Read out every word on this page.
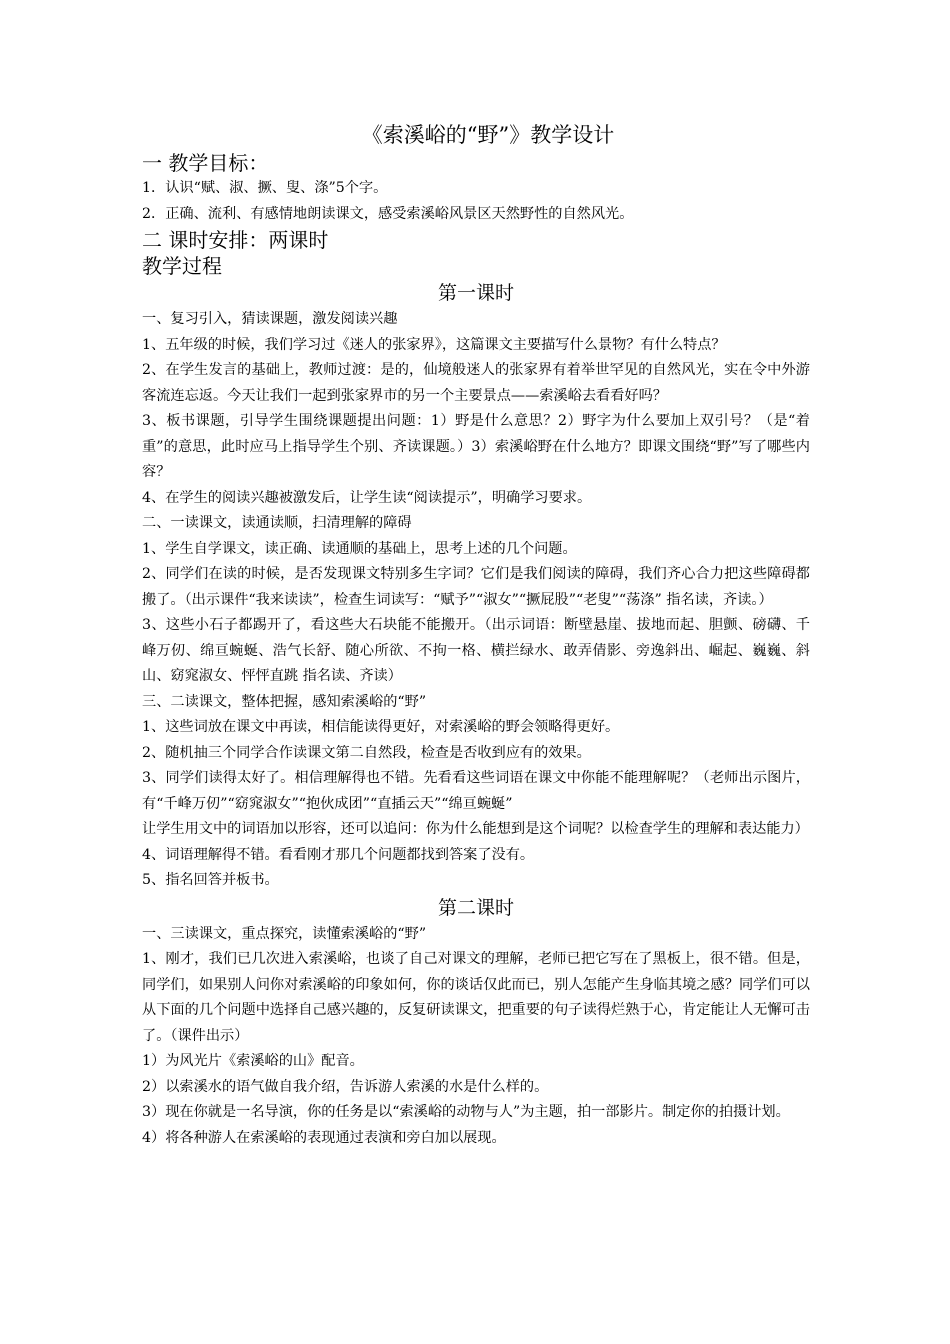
《索溪峪的“野”》教学设计
一 教学目标：

1．认识“赋、淑、撅、叟、涤”5个字。

2．正确、流利、有感情地朗读课文，感受索溪峪风景区天然野性的自然风光。

二 课时安排：两课时
教学过程
第一课时

一、复习引入，猜读课题，激发阅读兴趣

1、五年级的时候，我们学习过《迷人的张家界》，这篇课文主要描写什么景物？有什么特点？

2、在学生发言的基础上，教师过渡：是的，仙境般迷人的张家界有着举世罕见的自然风光，实在令中外游客流连忘返。今天让我们一起到张家界市的另一个主要景点——索溪峪去看看好吗？

3、板书课题，引导学生围绕课题提出问题：1）野是什么意思？2）野字为什么要加上双引号？（是“着重”的意思，此时应马上指导学生个别、齐读课题。）3）索溪峪野在什么地方？即课文围绕“野”写了哪些内容？

4、在学生的阅读兴趣被激发后，让学生读“阅读提示”，明确学习要求。

二、一读课文，读通读顺，扫清理解的障碍

1、学生自学课文，读正确、读通顺的基础上，思考上述的几个问题。

2、同学们在读的时候，是否发现课文特别多生字词？它们是我们阅读的障碍，我们齐心合力把这些障碍都搬了。（出示课件“我来读读”，检查生词读写：“赋予”“淑女”“撅屁股”“老叟”“荡涤” 指名读，齐读。）

3、这些小石子都踢开了，看这些大石块能不能搬开。（出示词语：断壁悬崖、拔地而起、胆颤、磅礴、千峰万仞、绵亘蜿蜒、浩气长舒、随心所欲、不拘一格、横拦绿水、敢弄倩影、旁逸斜出、崛起、巍巍、斜山、窈窕淑女、怦怦直跳 指名读、齐读）

三、二读课文，整体把握，感知索溪峪的“野”

1、这些词放在课文中再读，相信能读得更好，对索溪峪的野会领略得更好。

2、随机抽三个同学合作读课文第二自然段，检查是否收到应有的效果。

3、同学们读得太好了。相信理解得也不错。先看看这些词语在课文中你能不能理解呢？（老师出示图片，有“千峰万仞”“窈窕淑女”“抱伙成团”“直插云天”“绵亘蜿蜒”

让学生用文中的词语加以形容，还可以追问：你为什么能想到是这个词呢？以检查学生的理解和表达能力）

4、词语理解得不错。看看刚才那几个问题都找到答案了没有。

5、指名回答并板书。

第二课时

一、三读课文，重点探究，读懂索溪峪的“野”

1、刚才，我们已几次进入索溪峪，也谈了自己对课文的理解，老师已把它写在了黑板上，很不错。但是，同学们，如果别人问你对索溪峪的印象如何，你的谈话仅此而已，别人怎能产生身临其境之感？同学们可以从下面的几个问题中选择自己感兴趣的，反复研读课文，把重要的句子读得烂熟于心，肯定能让人无懈可击了。（课件出示）

1）为风光片《索溪峪的山》配音。

2）以索溪水的语气做自我介绍，告诉游人索溪的水是什么样的。

3）现在你就是一名导演，你的任务是以“索溪峪的动物与人”为主题，拍一部影片。制定你的拍摄计划。

4）将各种游人在索溪峪的表现通过表演和旁白加以展现。
